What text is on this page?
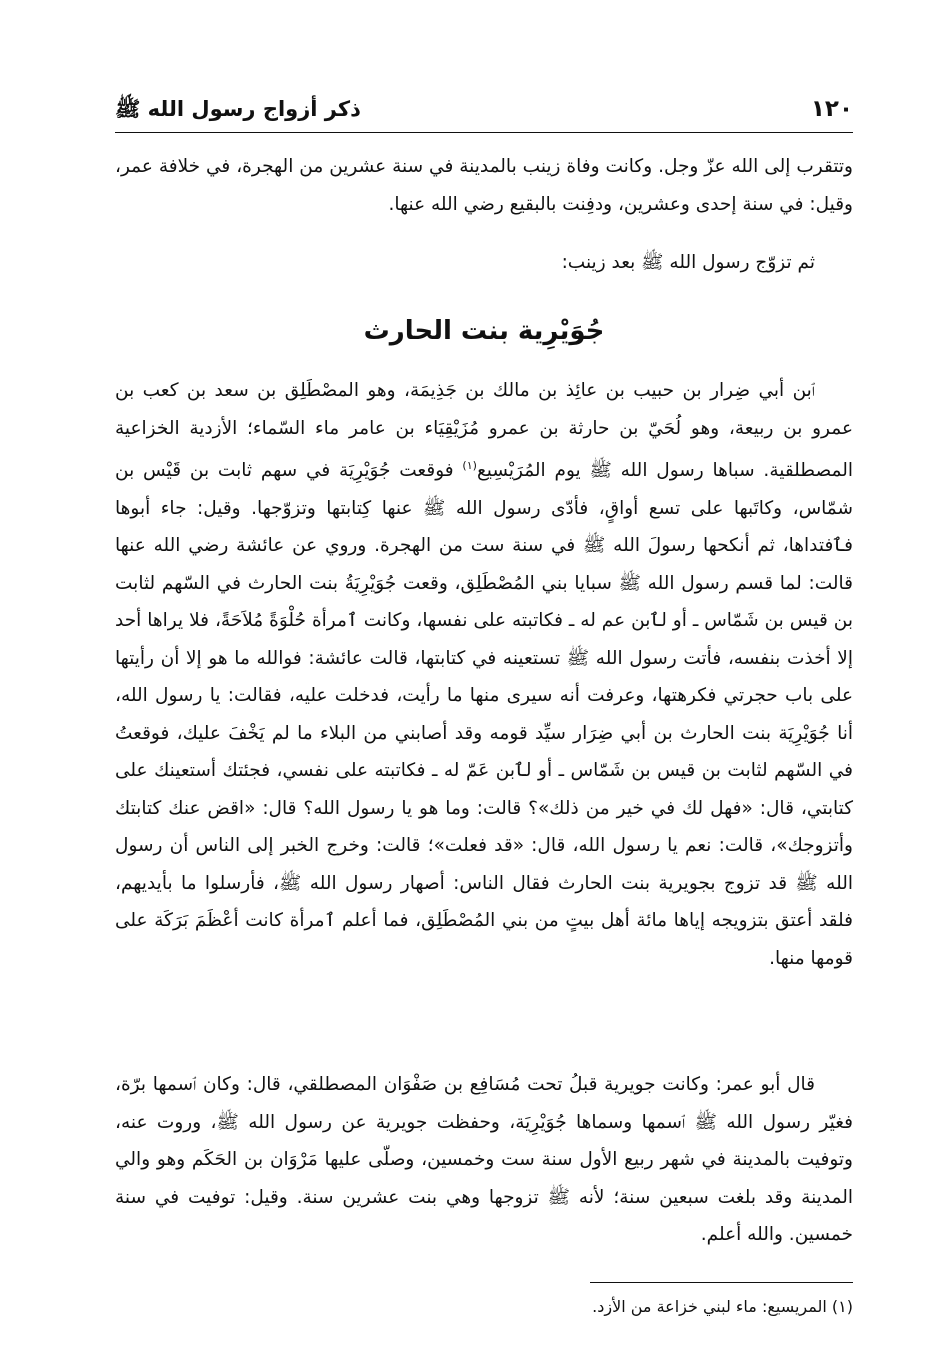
١٢٠
ذكر أزواج رسول الله ﷺ

وتتقرب إلى الله عزّ وجل. وكانت وفاة زينب بالمدينة في سنة عشرين من الهجرة، في خلافة عمر، وقيل: في سنة إحدى وعشرين، ودفِنت بالبقيع رضي الله عنها.

ثم تزوّج رسول الله ﷺ بعد زينب:

جُوَيْرِية بنت الحارث

ٱبن أبي ضِرار بن حبيب بن عائِذ بن مالك بن جَذِيمَة، وهو المصْطَلِق بن سعد بن كعب بن عمرو بن ربيعة، وهو لُحَيّ بن حارثة بن عمرو مُزَيْقِيَاء بن عامر ماء السّماء؛ الأزدية الخزاعية المصطلقية. سباها رسول الله ﷺ يوم المُرَيْسِيع$^{(١)}$ فوقعت جُوَيْرِيَة في سهم ثابت بن قَيْس بن شمّاس، وكاتَبها على تسع أواقٍ، فأدّى رسول الله ﷺ عنها كِتابتها وتزوّجها. وقيل: جاء أبوها فٱفتداها، ثم أنكحها رسولَ الله ﷺ في سنة ست من الهجرة. وروي عن عائشة رضي الله عنها قالت: لما قسم رسول الله ﷺ سبايا بني المُصْطَلِق، وقعت جُوَيْرِيَةُ بنت الحارث في السّهم لثابت بن قيس بن شَمّاس ـ أو لٱبن عم له ـ فكاتبته على نفسها، وكانت ٱمرأة حُلْوَةً مُلاَحَةً، فلا يراها أحد إلا أخذت بنفسه، فأتت رسول الله ﷺ تستعينه في كتابتها، قالت عائشة: فوالله ما هو إلا أن رأيتها على باب حجرتي فكرهتها، وعرفت أنه سيرى منها ما رأيت، فدخلت عليه، فقالت: يا رسول الله، أنا جُوَيْرِيَة بنت الحارث بن أبي ضِرَار سيِّد قومه وقد أصابني من البلاء ما لم يَخْفَ عليك، فوقعتُ في السّهم لثابت بن قيس بن شَمّاس ـ أو لٱبن عَمّ له ـ فكاتبته على نفسي، فجئتك أستعينك على كتابتي، قال: «فهل لك في خير من ذلك»؟ قالت: وما هو يا رسول الله؟ قال: «اقض عنك كتابتك وأتزوجك»، قالت: نعم يا رسول الله، قال: «قد فعلت»؛ قالت: وخرج الخبر إلى الناس أن رسول الله ﷺ قد تزوج بجويرية بنت الحارث فقال الناس: أصهار رسول الله ﷺ، فأرسلوا ما بأيديهم، فلقد أعتق بتزويجه إياها مائة أهل بيتٍ من بني المُصْطَلِق، فما أعلم ٱمرأة كانت أعْظَمَ بَرَكَة على قومها منها.

قال أبو عمر: وكانت جويرية قبلُ تحت مُسَافِع بن صَفْوَان المصطلقي، قال: وكان ٱسمها برّة، فغيّر رسول الله ﷺ ٱسمها وسماها جُوَيْرِيَة، وحفظت جويرية عن رسول الله ﷺ، وروت عنه، وتوفيت بالمدينة في شهر ربيع الأول سنة ست وخمسين، وصلّى عليها مَرْوَان بن الحَكَم وهو والي المدينة وقد بلغت سبعين سنة؛ لأنه ﷺ تزوجها وهي بنت عشرين سنة. وقيل: توفيت في سنة خمسين. والله أعلم.

(١) المريسيع: ماء لبني خزاعة من الأزد.
